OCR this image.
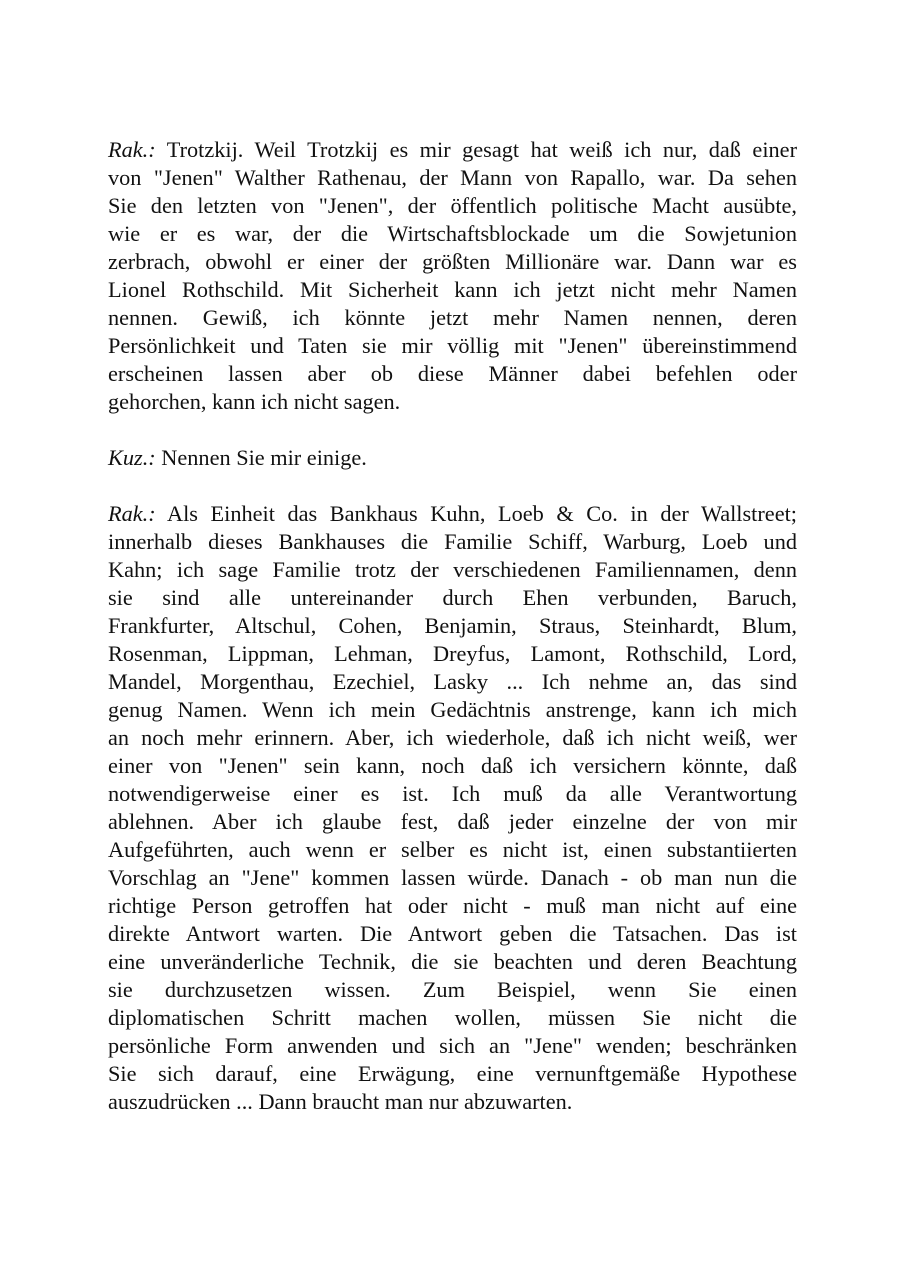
Rak.: Trotzkij. Weil Trotzkij es mir gesagt hat weiß ich nur, daß einer
von "Jenen" Walther Rathenau, der Mann von Rapallo, war. Da sehen
Sie den letzten von "Jenen", der öffentlich politische Macht ausübte,
wie er es war, der die Wirtschaftsblockade um die Sowjetunion
zerbrach, obwohl er einer der größten Millionäre war. Dann war es
Lionel Rothschild. Mit Sicherheit kann ich jetzt nicht mehr Namen
nennen. Gewiß, ich könnte jetzt mehr Namen nennen, deren
Persönlichkeit und Taten sie mir völlig mit "Jenen" übereinstimmend
erscheinen lassen aber ob diese Männer dabei befehlen oder
gehorchen, kann ich nicht sagen.
Kuz.: Nennen Sie mir einige.
Rak.: Als Einheit das Bankhaus Kuhn, Loeb & Co. in der Wallstreet;
innerhalb dieses Bankhauses die Familie Schiff, Warburg, Loeb und
Kahn; ich sage Familie trotz der verschiedenen Familiennamen, denn
sie sind alle untereinander durch Ehen verbunden, Baruch,
Frankfurter, Altschul, Cohen, Benjamin, Straus, Steinhardt, Blum,
Rosenman, Lippman, Lehman, Dreyfus, Lamont, Rothschild, Lord,
Mandel, Morgenthau, Ezechiel, Lasky ... Ich nehme an, das sind
genug Namen. Wenn ich mein Gedächtnis anstrenge, kann ich mich
an noch mehr erinnern. Aber, ich wiederhole, daß ich nicht weiß, wer
einer von "Jenen" sein kann, noch daß ich versichern könnte, daß
notwendigerweise einer es ist. Ich muß da alle Verantwortung
ablehnen. Aber ich glaube fest, daß jeder einzelne der von mir
Aufgeführten, auch wenn er selber es nicht ist, einen substantiierten
Vorschlag an "Jene" kommen lassen würde. Danach - ob man nun die
richtige Person getroffen hat oder nicht - muß man nicht auf eine
direkte Antwort warten. Die Antwort geben die Tatsachen. Das ist
eine unveränderliche Technik, die sie beachten und deren Beachtung
sie durchzusetzen wissen. Zum Beispiel, wenn Sie einen
diplomatischen Schritt machen wollen, müssen Sie nicht die
persönliche Form anwenden und sich an "Jene" wenden; beschränken
Sie sich darauf, eine Erwägung, eine vernunftgemäße Hypothese
auszudrücken ... Dann braucht man nur abzuwarten.
